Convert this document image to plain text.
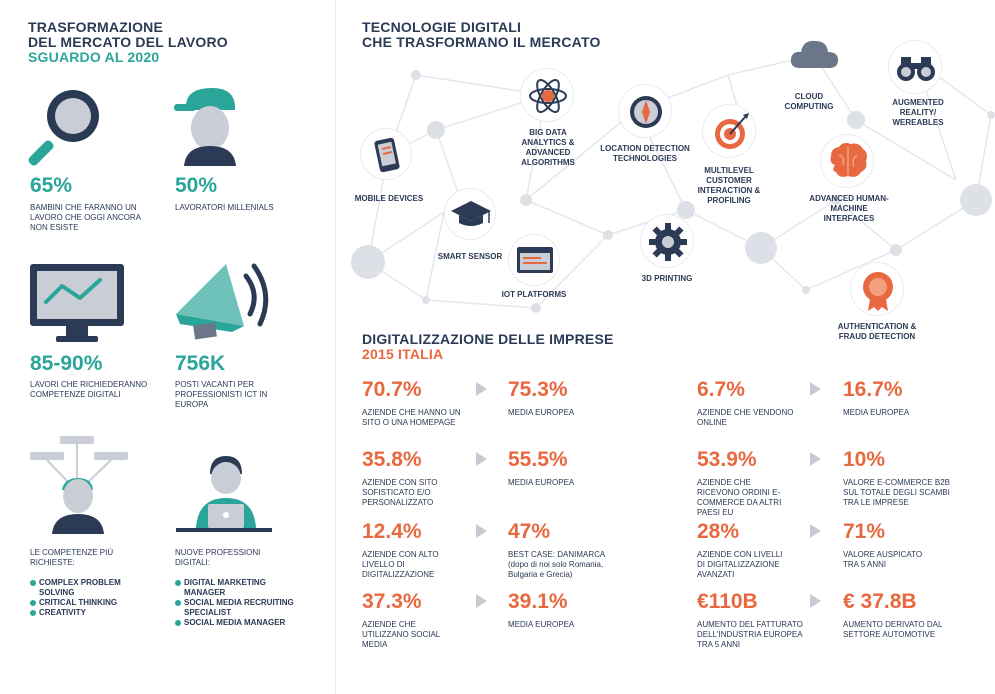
TRASFORMAZIONE
DEL MERCATO DEL LAVORO
SGUARDO AL 2020
65%
BAMBINI CHE FARANNO UN LAVORO CHE OGGI ANCORA NON ESISTE
50%
LAVORATORI MILLENIALS
85-90%
LAVORI CHE RICHIEDERANNO COMPETENZE DIGITALI
756K
POSTI VACANTI PER PROFESSIONISTI ICT IN EUROPA
LE COMPETENZE PIÙ RICHIESTE:
COMPLEX PROBLEM SOLVING
CRITICAL THINKING
CREATIVITY
NUOVE PROFESSIONI DIGITALI:
DIGITAL MARKETING MANAGER
SOCIAL MEDIA RECRUITING SPECIALIST
SOCIAL MEDIA MANAGER
TECNOLOGIE DIGITALI
CHE TRASFORMANO IL MERCATO
MOBILE DEVICES
SMART SENSOR
BIG DATA ANALYTICS & ADVANCED ALGORITHMS
IOT PLATFORMS
LOCATION DETECTION TECHNOLOGIES
3D PRINTING
MULTILEVEL CUSTOMER INTERACTION & PROFILING
CLOUD COMPUTING	AUGMENTED REALITY/ WEREABLES
ADVANCED HUMAN-MACHINE INTERFACES
AUTHENTICATION & FRAUD DETECTION
DIGITALIZZAZIONE DELLE IMPRESE
2015 ITALIA
70.7%
AZIENDE CHE HANNO UN SITO O UNA HOMEPAGE
75.3%
MEDIA EUROPEA
35.8%
AZIENDE CON SITO SOFISTICATO E/O PERSONALIZZATO
55.5%
MEDIA EUROPEA
12.4%
AZIENDE CON ALTO LIVELLO DI DIGITALIZZAZIONE
47%
BEST CASE: DANIMARCA
(dopo di noi solo Romania, Bulgaria e Grecia)
37.3%
AZIENDE CHE UTILIZZANO SOCIAL MEDIA
39.1%
MEDIA EUROPEA
6.7%
AZIENDE CHE VENDONO ONLINE
16.7%
MEDIA EUROPEA
53.9%
AZIENDE CHE RICEVONO ORDINI E-COMMERCE DA ALTRI PAESI EU
10%
VALORE E-COMMERCE B2B SUL TOTALE DEGLI SCAMBI TRA LE IMPRESE
28%
AZIENDE CON LIVELLI DI DIGITALIZZAZIONE AVANZATI
71%
VALORE AUSPICATO TRA 5 ANNI
€110B
AUMENTO DEL FATTURATO DELL'INDUSTRIA EUROPEA TRA 5 ANNI
€ 37.8B
AUMENTO DERIVATO DAL SETTORE AUTOMOTIVE
